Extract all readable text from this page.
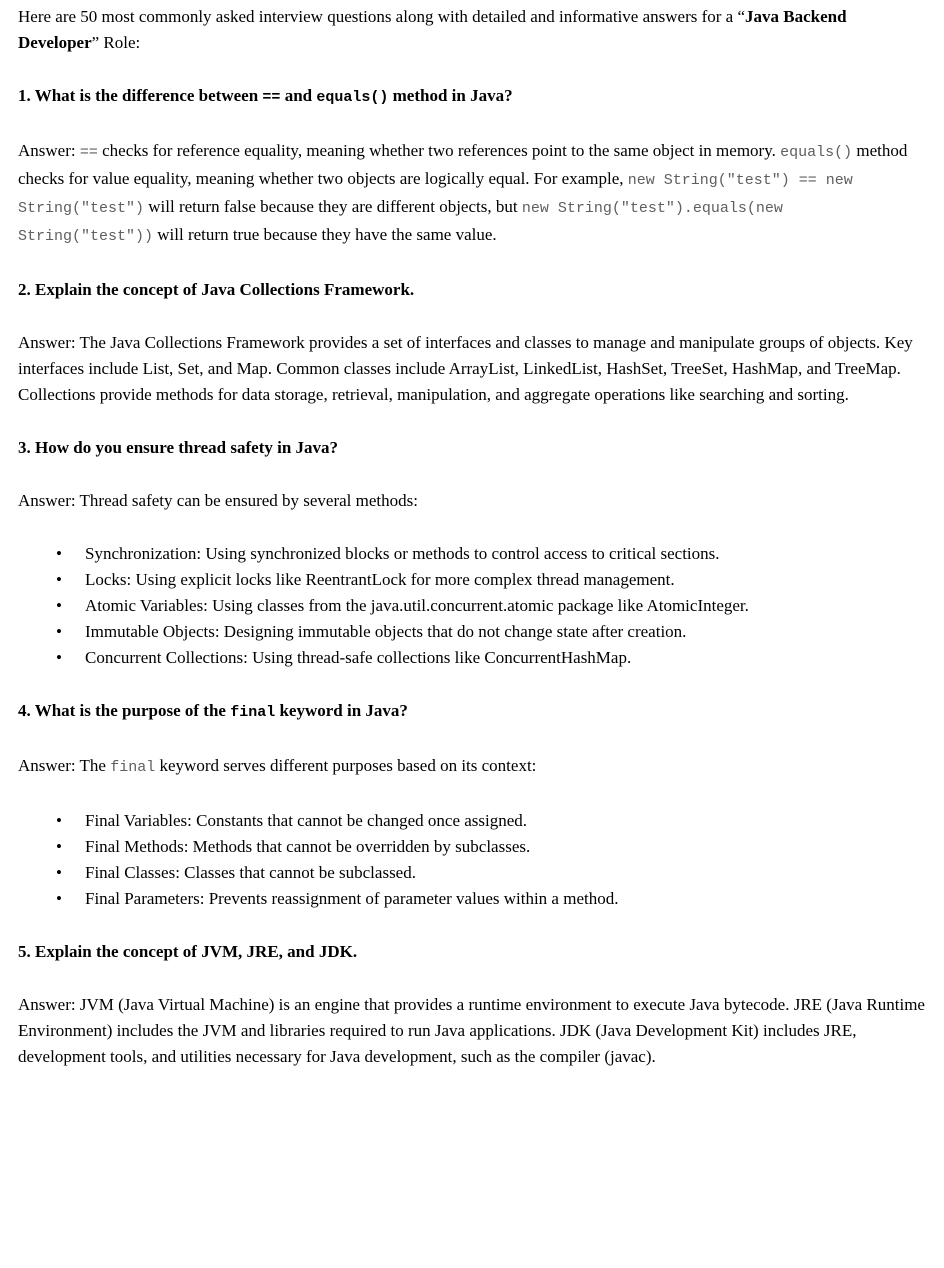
Here are 50 most commonly asked interview questions along with detailed and informative answers for a “Java Backend Developer” Role:

1. What is the difference between == and equals() method in Java?

Answer: == checks for reference equality, meaning whether two references point to the same object in memory. equals() method checks for value equality, meaning whether two objects are logically equal. For example, new String("test") == new String("test") will return false because they are different objects, but new String("test").equals(new String("test")) will return true because they have the same value.

2. Explain the concept of Java Collections Framework.

Answer: The Java Collections Framework provides a set of interfaces and classes to manage and manipulate groups of objects. Key interfaces include List, Set, and Map. Common classes include ArrayList, LinkedList, HashSet, TreeSet, HashMap, and TreeMap. Collections provide methods for data storage, retrieval, manipulation, and aggregate operations like searching and sorting.

3. How do you ensure thread safety in Java?

Answer: Thread safety can be ensured by several methods:

• Synchronization: Using synchronized blocks or methods to control access to critical sections.
• Locks: Using explicit locks like ReentrantLock for more complex thread management.
• Atomic Variables: Using classes from the java.util.concurrent.atomic package like AtomicInteger.
• Immutable Objects: Designing immutable objects that do not change state after creation.
• Concurrent Collections: Using thread-safe collections like ConcurrentHashMap.
4. What is the purpose of the final keyword in Java?

Answer: The final keyword serves different purposes based on its context:

• Final Variables: Constants that cannot be changed once assigned.
• Final Methods: Methods that cannot be overridden by subclasses.
• Final Classes: Classes that cannot be subclassed.
• Final Parameters: Prevents reassignment of parameter values within a method.
5. Explain the concept of JVM, JRE, and JDK.

Answer: JVM (Java Virtual Machine) is an engine that provides a runtime environment to execute Java bytecode. JRE (Java Runtime Environment) includes the JVM and libraries required to run Java applications. JDK (Java Development Kit) includes JRE, development tools, and utilities necessary for Java development, such as the compiler (javac).
